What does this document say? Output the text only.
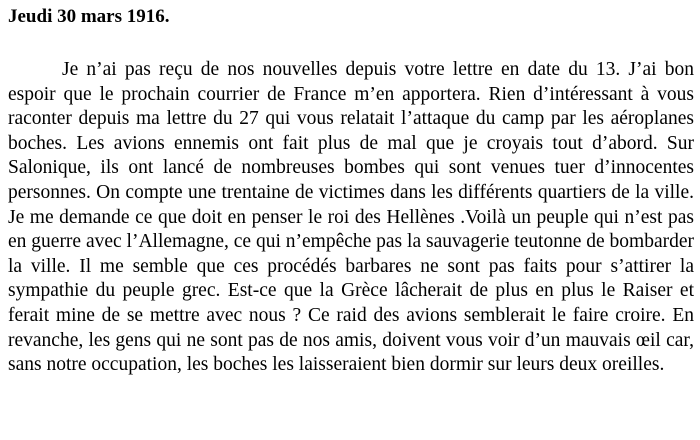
Jeudi 30 mars 1916.

Je n’ai pas reçu de nos nouvelles depuis votre lettre en date du 13. J’ai bon espoir que le prochain courrier de France m’en apportera. Rien d’intéressant à vous raconter depuis ma lettre du 27 qui vous relatait l’attaque du camp par les aéroplanes boches. Les avions ennemis ont fait plus de mal que je croyais tout d’abord. Sur Salonique, ils ont lancé de nombreuses bombes qui sont venues tuer d’innocentes personnes. On compte une trentaine de victimes dans les différents quartiers de la ville. Je me demande ce que doit en penser le roi des Hellènes .Voilà un peuple qui n’est pas en guerre avec l’Allemagne, ce qui n’empêche pas la sauvagerie teutonne de bombarder la ville. Il me semble que ces procédés barbares ne sont pas faits pour s’attirer la sympathie du peuple grec. Est-ce que la Grèce lâcherait de plus en plus le Raiser et ferait mine de se mettre avec nous ? Ce raid des avions semblerait le faire croire. En revanche, les gens qui ne sont pas de nos amis, doivent vous voir d’un mauvais œil car, sans notre occupation, les boches les laisseraient bien dormir sur leurs deux oreilles.
